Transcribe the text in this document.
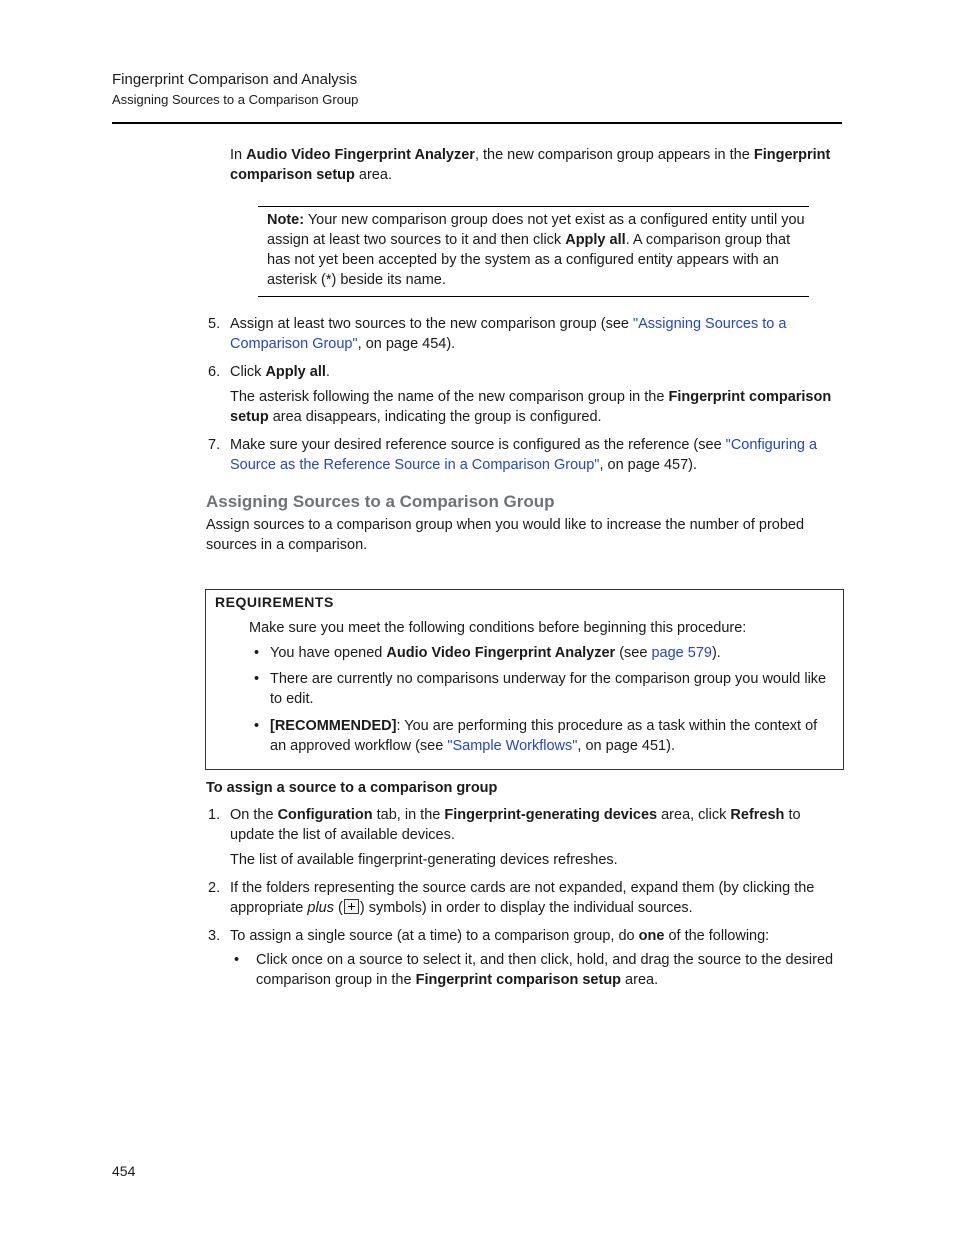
Fingerprint Comparison and Analysis
Assigning Sources to a Comparison Group
In Audio Video Fingerprint Analyzer, the new comparison group appears in the Fingerprint comparison setup area.
Note: Your new comparison group does not yet exist as a configured entity until you assign at least two sources to it and then click Apply all. A comparison group that has not yet been accepted by the system as a configured entity appears with an asterisk (*) beside its name.
5. Assign at least two sources to the new comparison group (see "Assigning Sources to a Comparison Group", on page 454).
6. Click Apply all.
The asterisk following the name of the new comparison group in the Fingerprint comparison setup area disappears, indicating the group is configured.
7. Make sure your desired reference source is configured as the reference (see "Configuring a Source as the Reference Source in a Comparison Group", on page 457).
Assigning Sources to a Comparison Group
Assign sources to a comparison group when you would like to increase the number of probed sources in a comparison.
REQUIREMENTS
Make sure you meet the following conditions before beginning this procedure:
• You have opened Audio Video Fingerprint Analyzer (see page 579).
• There are currently no comparisons underway for the comparison group you would like to edit.
• [RECOMMENDED]: You are performing this procedure as a task within the context of an approved workflow (see "Sample Workflows", on page 451).
To assign a source to a comparison group
1. On the Configuration tab, in the Fingerprint-generating devices area, click Refresh to update the list of available devices.
The list of available fingerprint-generating devices refreshes.
2. If the folders representing the source cards are not expanded, expand them (by clicking the appropriate plus ( ) symbols) in order to display the individual sources.
3. To assign a single source (at a time) to a comparison group, do one of the following:
• Click once on a source to select it, and then click, hold, and drag the source to the desired comparison group in the Fingerprint comparison setup area.
454
